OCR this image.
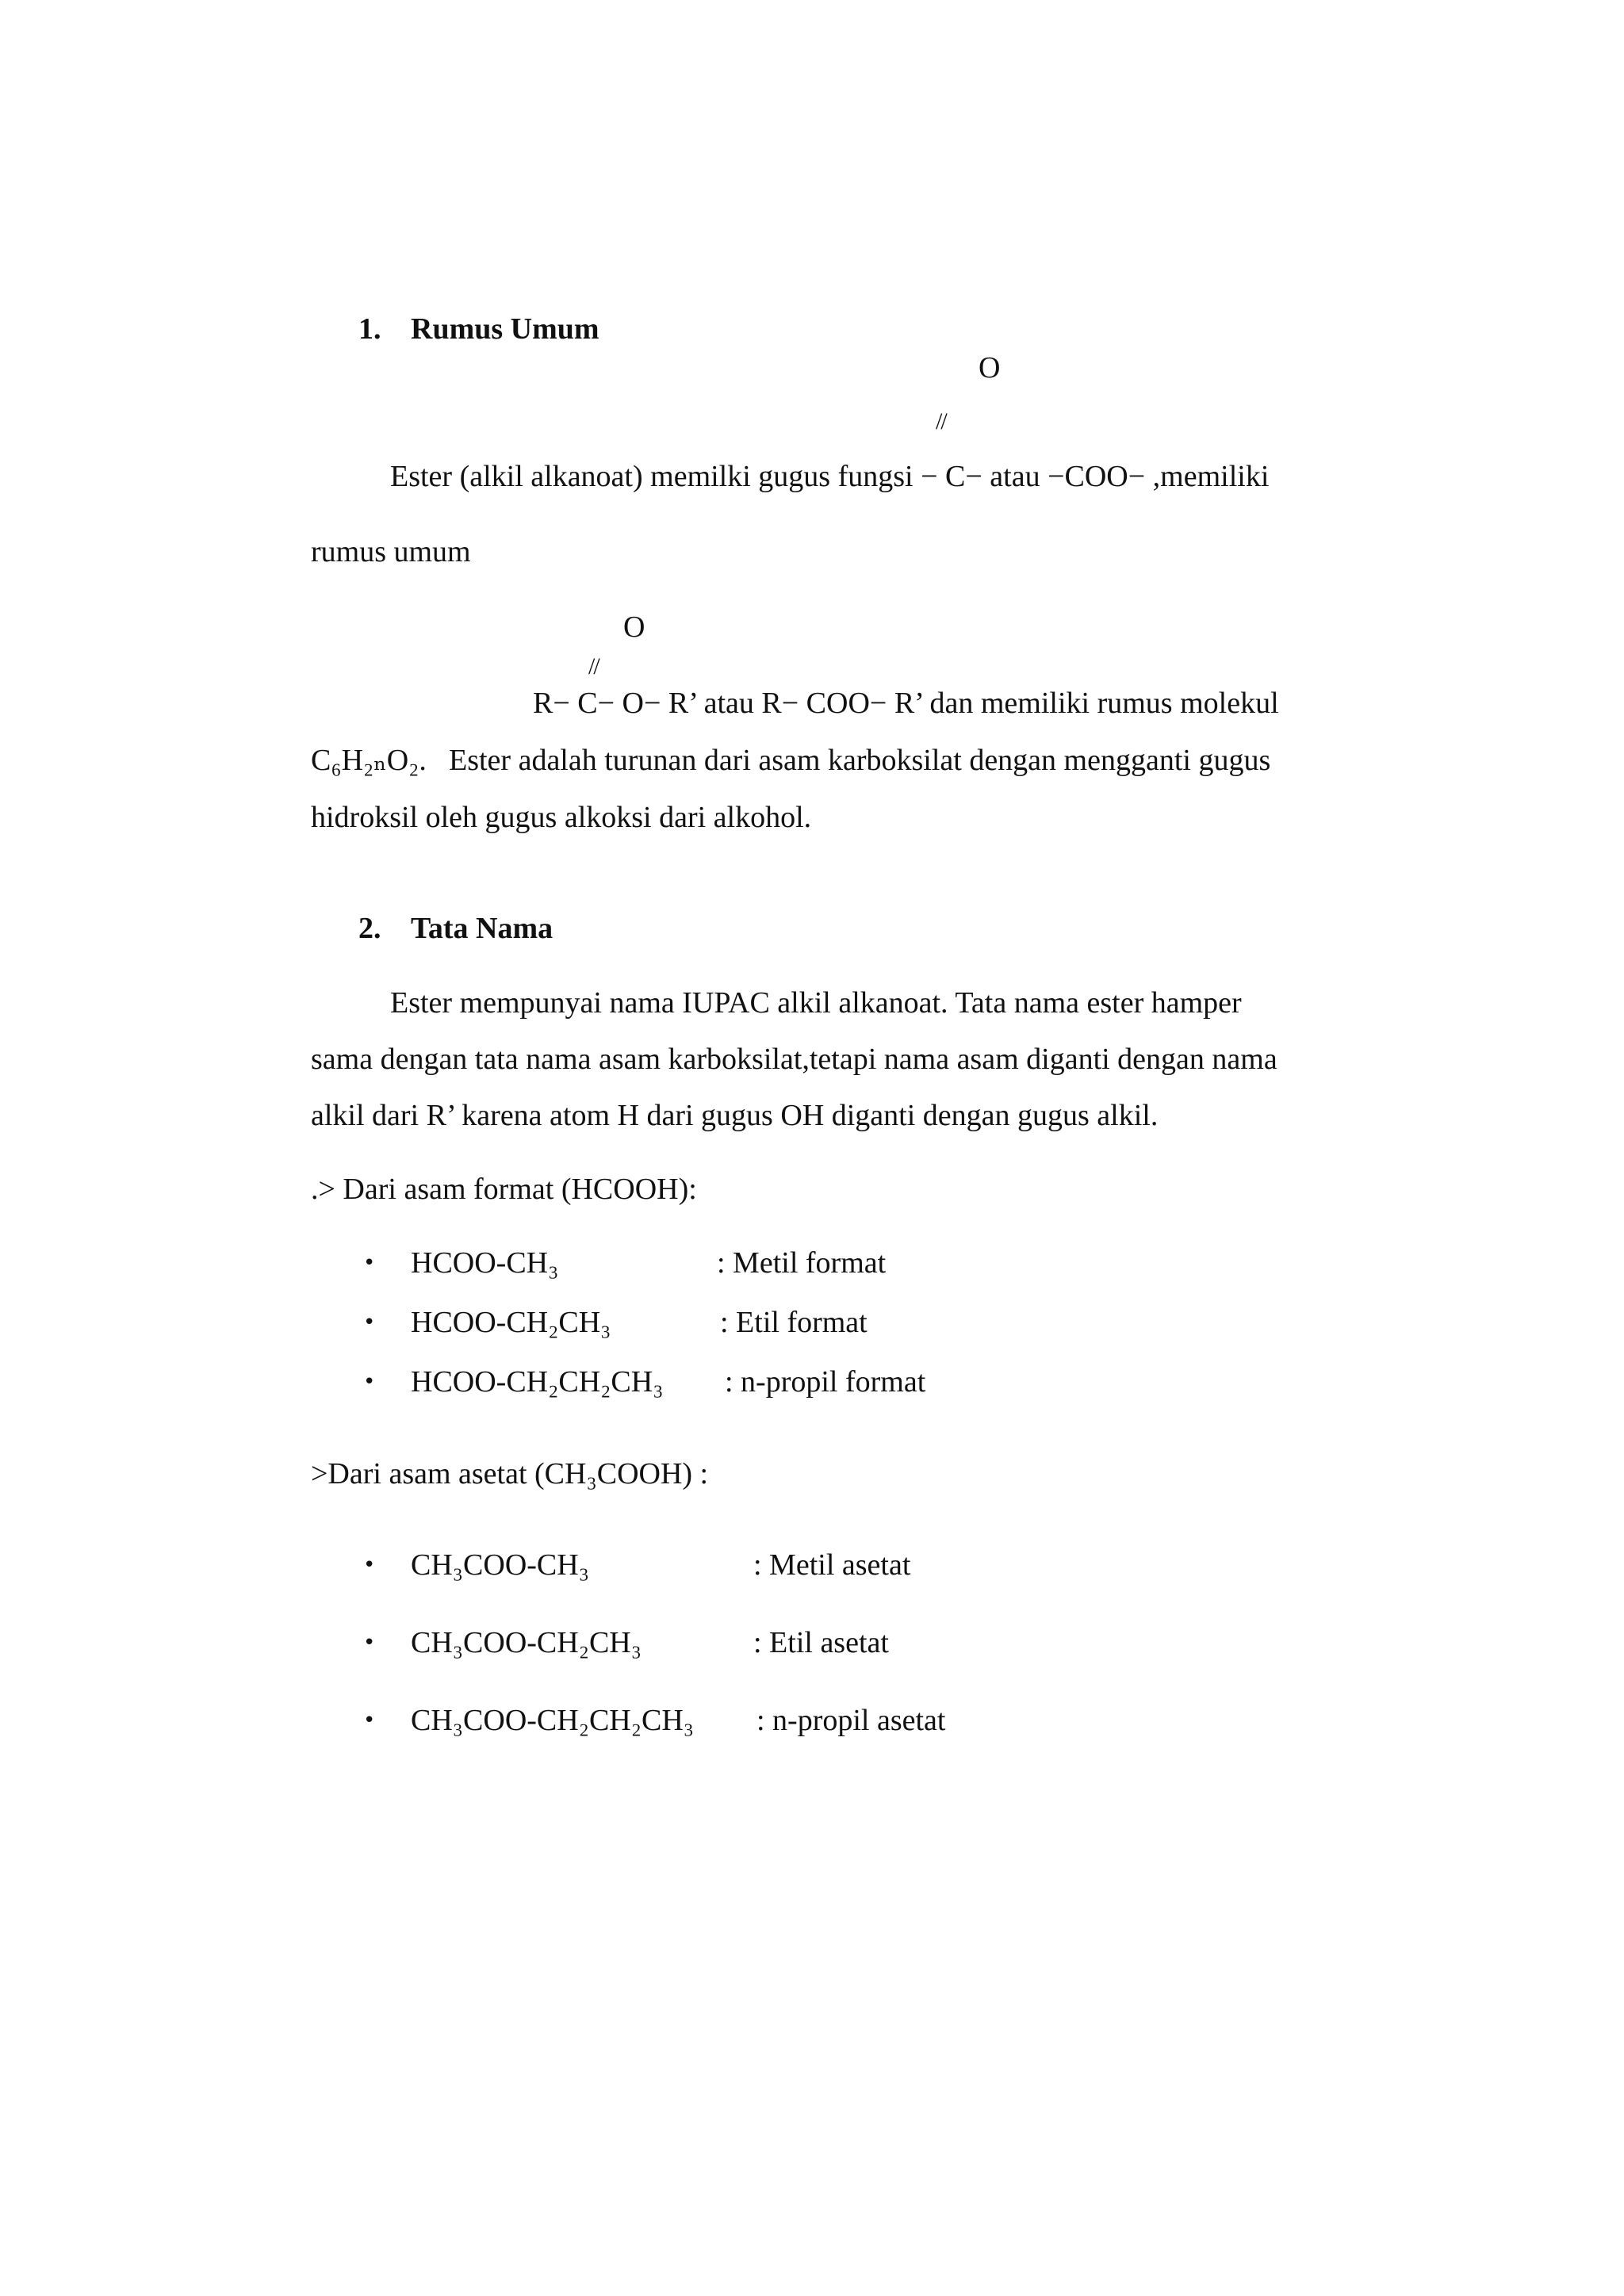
1. Rumus Umum
O
//
Ester (alkil alkanoat) memilki gugus fungsi − C− atau −COO− ,memiliki
rumus umum
O
//
R− C− O− R’ atau R− COO− R’ dan memiliki rumus molekul
C₆H₂ₙO₂. Ester adalah turunan dari asam karboksilat dengan mengganti gugus
hidroksil oleh gugus alkoksi dari alkohol.
2. Tata Nama
Ester mempunyai nama IUPAC alkil alkanoat. Tata nama ester hamper
sama dengan tata nama asam karboksilat,tetapi nama asam diganti dengan nama
alkil dari R’ karena atom H dari gugus OH diganti dengan gugus alkil.
.> Dari asam format (HCOOH):
• HCOO-CH₃	: Metil format
• HCOO-CH₂CH₃	: Etil format
• HCOO-CH₂CH₂CH₃ : n-propil format
>Dari asam asetat (CH₃COOH) :
• CH₃COO-CH₃	: Metil asetat
• CH₃COO-CH₂CH₃	: Etil asetat
• CH₃COO-CH₂CH₂CH₃ : n-propil asetat
